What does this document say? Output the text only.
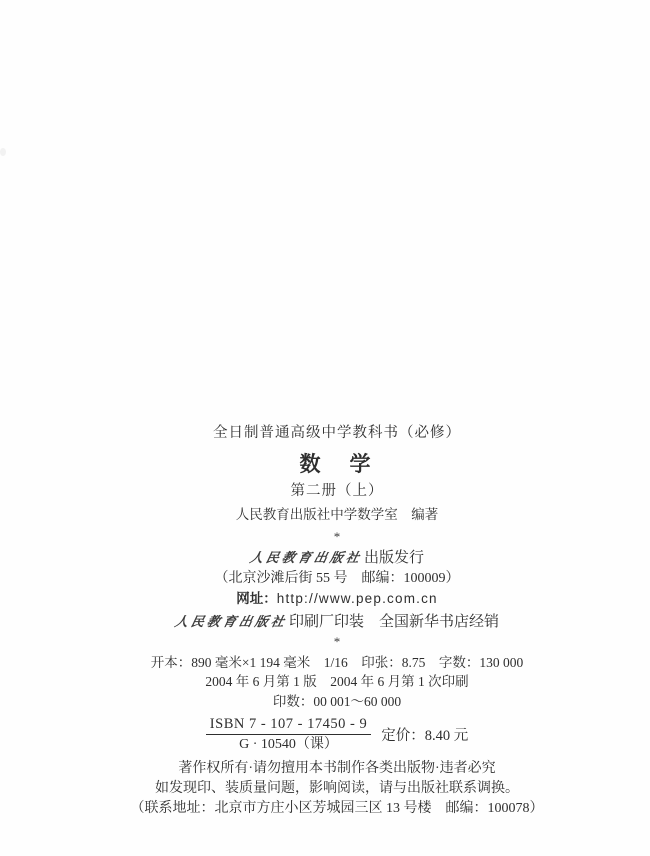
全日制普通高级中学教科书（必修）
数　学
第二册（上）
人民教育出版社中学数学室　编著
*
人民教育出版社出版发行
（北京沙滩后街 55 号　邮编：100009）
网址：http://www.pep.com.cn
人民教育出版社印刷厂印装　全国新华书店经销
*
开本：890 毫米×1 194 毫米　1/16　印张：8.75　字数：130 000
2004 年 6 月第 1 版　2004 年 6 月第 1 次印刷
印数：00 001～60 000
$\frac{\text{ISBN 7 - 107 - 17450 - 9}}{\text{G · 10540（课）}}$ 定价：8.40 元
著作权所有·请勿擅用本书制作各类出版物·违者必究
如发现印、装质量问题，影响阅读，请与出版社联系调换。
（联系地址：北京市方庄小区芳城园三区 13 号楼　邮编：100078）
